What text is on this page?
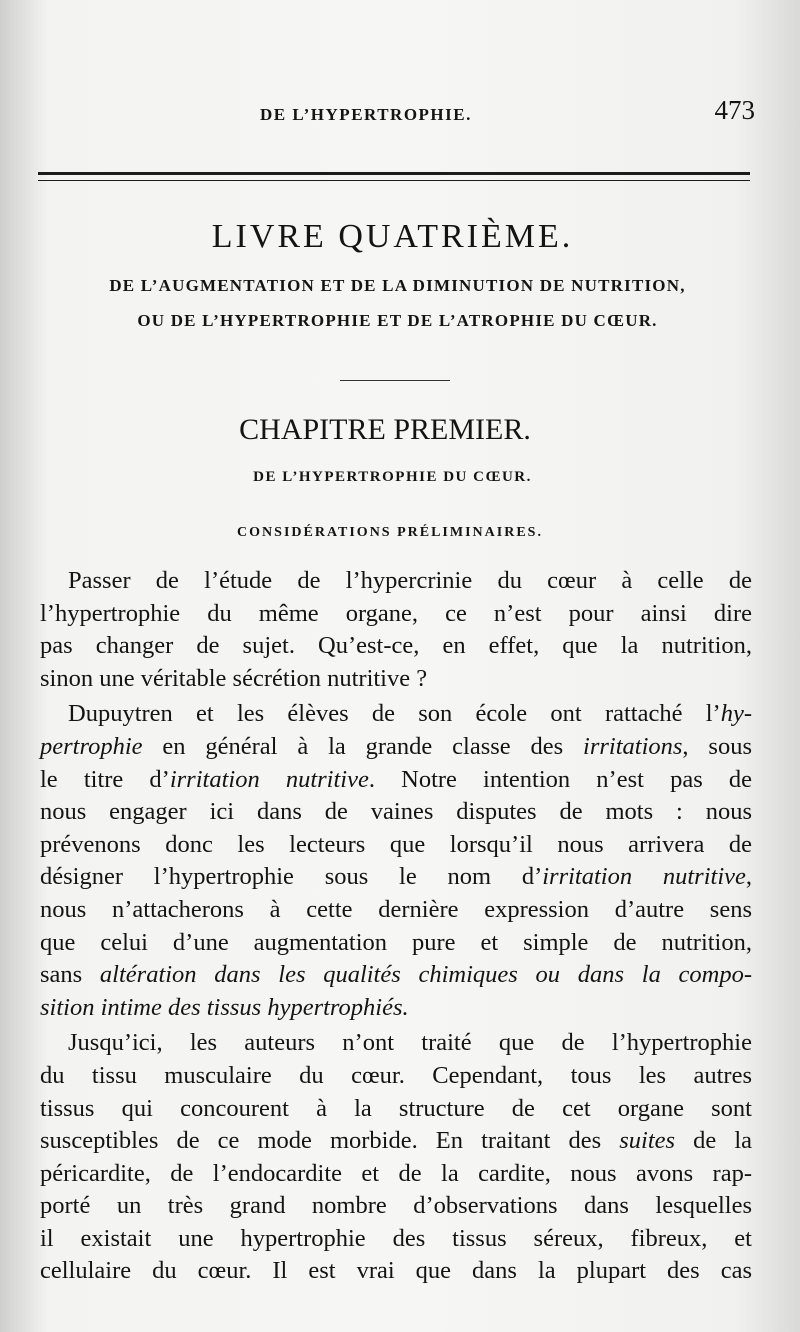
DE L’HYPERTROPHIE.	473
LIVRE QUATRIÈME.
DE L’AUGMENTATION ET DE LA DIMINUTION DE NUTRITION,
OU DE L’HYPERTROPHIE ET DE L’ATROPHIE DU CŒUR.
CHAPITRE PREMIER.
DE L’HYPERTROPHIE DU CŒUR.
CONSIDÉRATIONS PRÉLIMINAIRES.
Passer de l’étude de l’hypercrinie du cœur à celle de
l’hypertrophie du même organe, ce n’est pour ainsi dire
pas changer de sujet. Qu’est-ce, en effet, que la nutrition,
sinon une véritable sécrétion nutritive ?
Dupuytren et les élèves de son école ont rattaché l’hy-
pertrophie en général à la grande classe des irritations, sous
le titre d’irritation nutritive. Notre intention n’est pas de
nous engager ici dans de vaines disputes de mots : nous
prévenons donc les lecteurs que lorsqu’il nous arrivera de
désigner l’hypertrophie sous le nom d’irritation nutritive,
nous n’attacherons à cette dernière expression d’autre sens
que celui d’une augmentation pure et simple de nutrition,
sans altération dans les qualités chimiques ou dans la compo-
sition intime des tissus hypertrophiés.
Jusqu’ici, les auteurs n’ont traité que de l’hypertrophie
du tissu musculaire du cœur. Cependant, tous les autres
tissus qui concourent à la structure de cet organe sont
susceptibles de ce mode morbide. En traitant des suites de la
péricardite, de l’endocardite et de la cardite, nous avons rap-
porté un très grand nombre d’observations dans lesquelles
il existait une hypertrophie des tissus séreux, fibreux, et
cellulaire du cœur. Il est vrai que dans la plupart des cas
